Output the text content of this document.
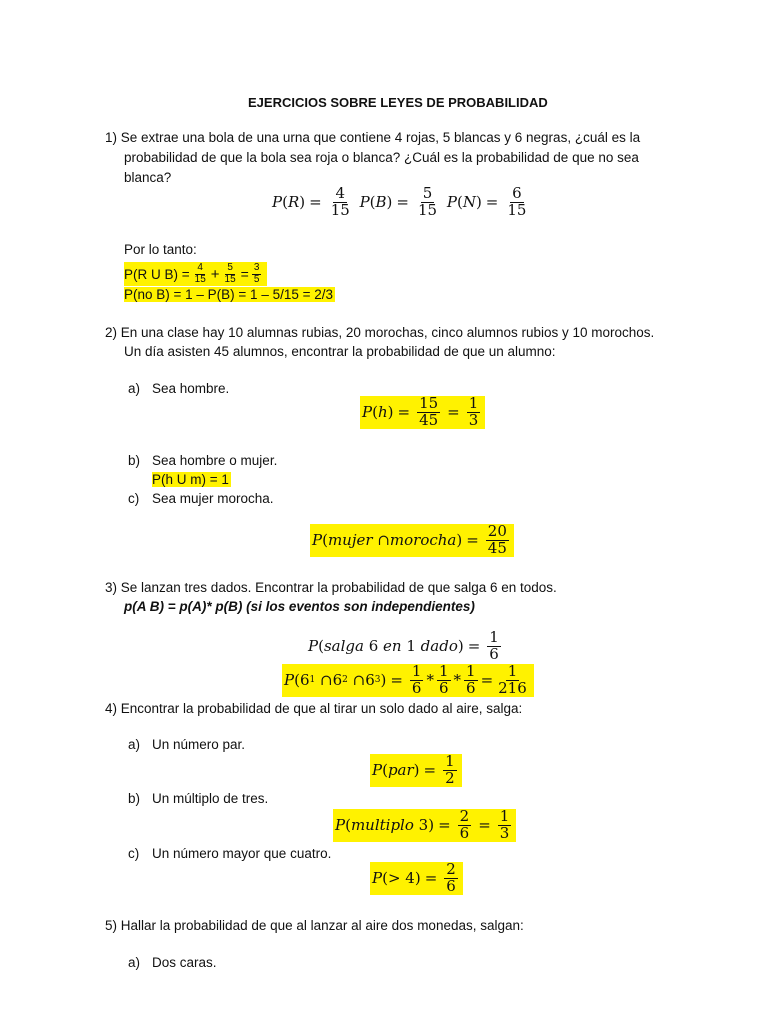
EJERCICIOS SOBRE LEYES DE PROBABILIDAD
1) Se extrae una bola de una urna que contiene 4 rojas, 5 blancas y 6 negras, ¿cuál es la
probabilidad de que la bola sea roja o blanca? ¿Cuál es la probabilidad de que no sea
blanca?
P ( R ) = $\frac{4}{15}$
P ( B ) = $\frac{5}{15}$
P ( N ) = $\frac{6}{15}$
Por lo tanto:
P(R U $B) = \frac{4}{15} + \frac{5}{15} = \frac{3}{5}$
P(no B) = 1 – P(B) = 1 – 5/15 = 2/3
2) En una clase hay 10 alumnas rubias, 20 morochas, cinco alumnos rubios y 10 morochos.
Un día asisten 45 alumnos, encontrar la probabilidad de que un alumno:
a) Sea hombre.
P ( h ) = $\frac{15}{45} = \frac{1}{3}$
b) Sea hombre o mujer.
P(h U m) = 1
c) Sea mujer morocha.
P ( mujer ∩ morocha ) = $\frac{20}{45}$
3) Se lanzan tres dados. Encontrar la probabilidad de que salga 6 en todos.
p(A B) = p(A)* p(B) (si los eventos son independientes)
P ( salga 6 en 1 dado ) = $\frac{1}{6}$
P (6 1 ∩6 2 ∩6 3 ) = $\frac{1}{6} * \frac{1}{6} * \frac{1}{6} = \frac{1}{216}$
4) Encontrar la probabilidad de que al tirar un solo dado al aire, salga:
a) Un número par.
P ( par ) = $\frac{1}{2}$
b) Un múltiplo de tres.
P ( multiplo $3) = \frac{2}{6} = \frac{1}{3}$
c) Un número mayor que cuatro.
P (> $4) = \frac{2}{6}$
5) Hallar la probabilidad de que al lanzar al aire dos monedas, salgan:
a) Dos caras.
